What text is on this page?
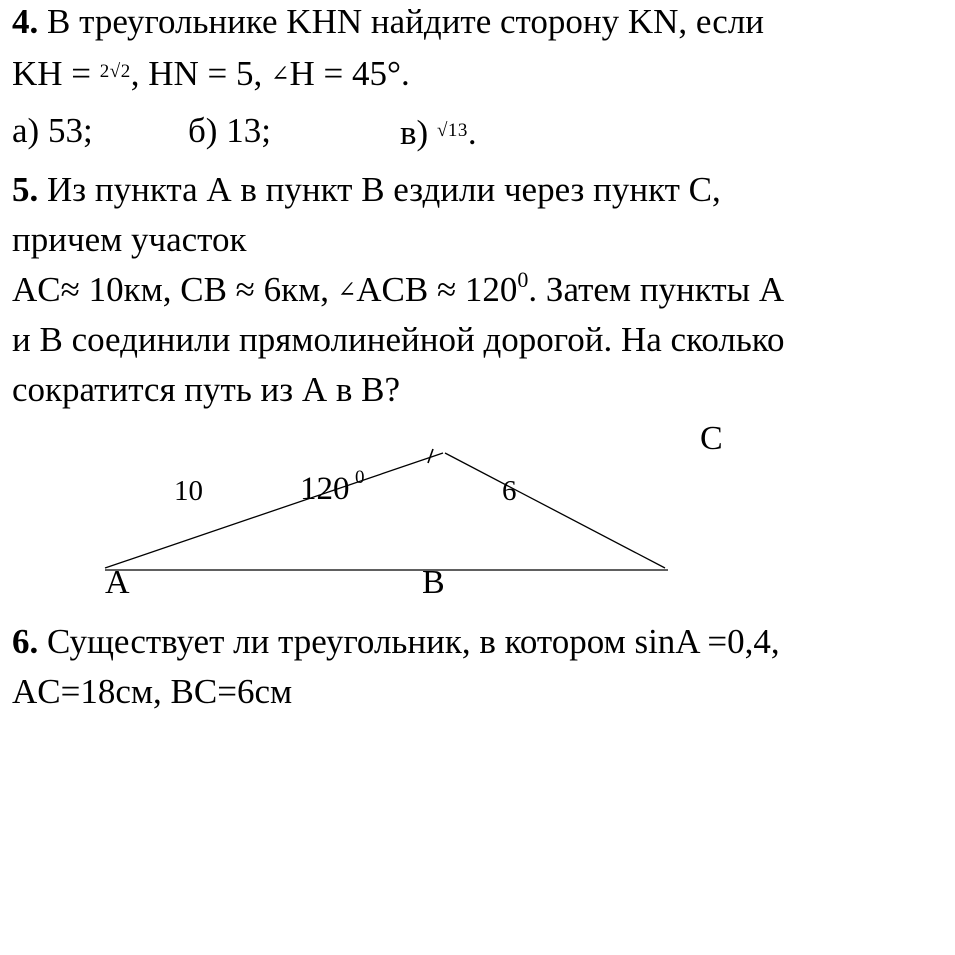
4. В треугольнике KHN найдите сторону KN, если
KH = $^{2√2}$, HN = 5, ∠H = 45°.
а) 53;	б) 13;	в) $^{√13}$.
5. Из пункта А в пункт В ездили через пункт С,
причем участок
AC≈ 10км, CB ≈ 6км, ∠ACB ≈ $120^0$. Затем пункты А
и В соединили прямолинейной дорогой. На сколько
сократится путь из А в В?
C
A	B
10	6
120 0
6. Существует ли треугольник, в котором sinA =0,4,
AC=18см, BC=6см
